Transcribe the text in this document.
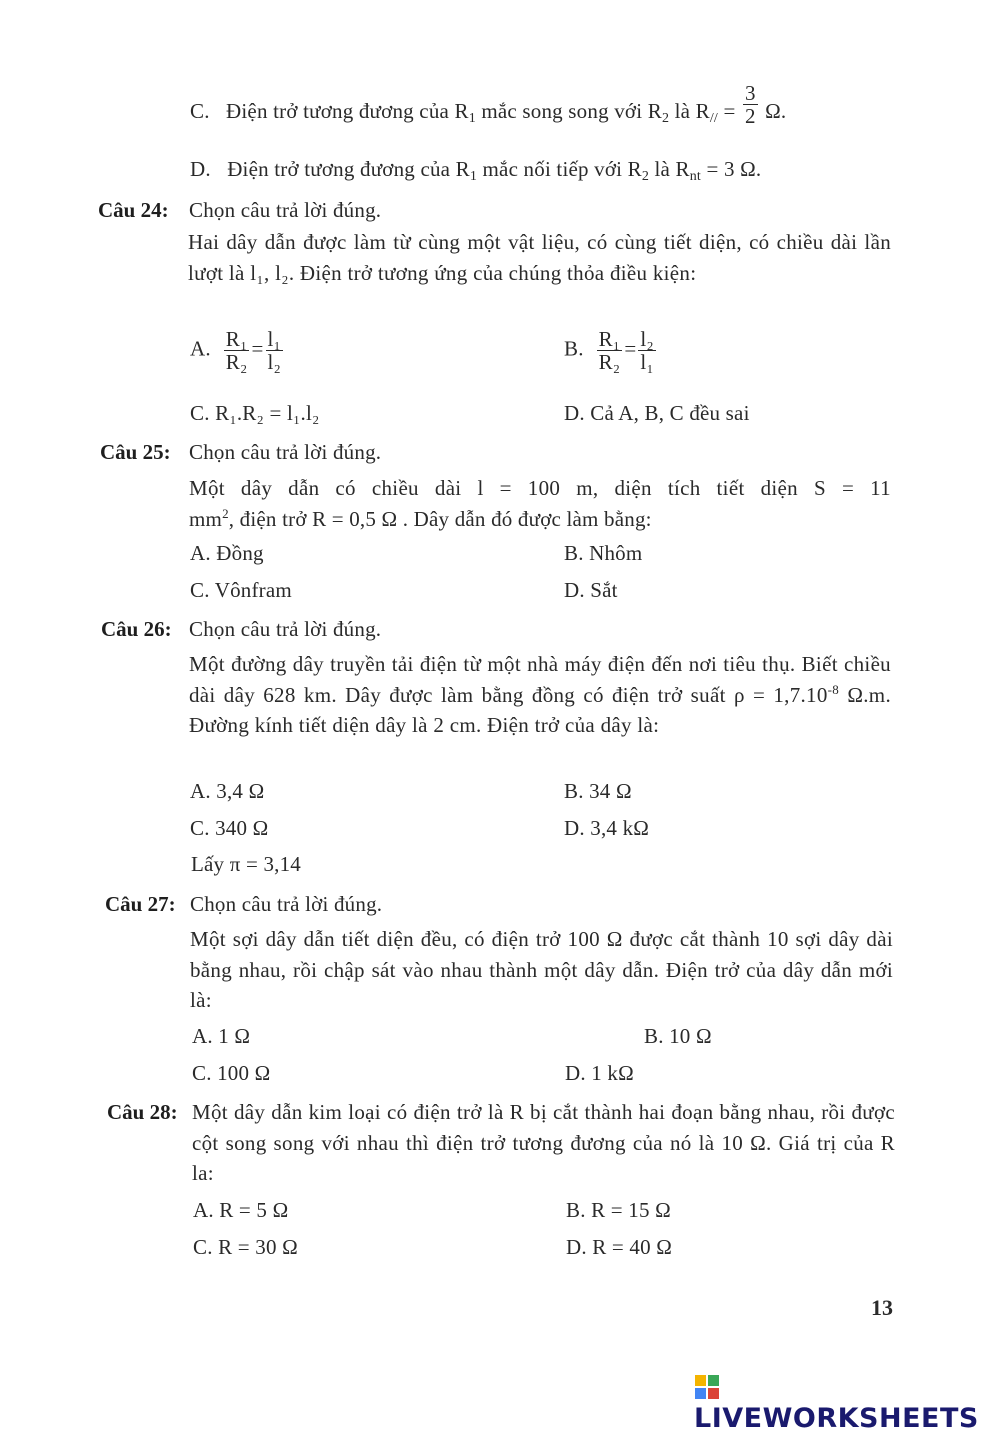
C. Điện trở tương đương của $R_1$ mắc song song với $R_2$ là $R_{//} = \frac{3}{2} \Omega$.
D. Điện trở tương đương của $R_1$ mắc nối tiếp với $R_2$ là $R_{nt} = 3$ Ω.
Câu 24: Chọn câu trả lời đúng.
Hai dây dẫn được làm từ cùng một vật liệu, có cùng tiết diện, có chiều dài lần lượt là l₁, l₂. Điện trở tương ứng của chúng thỏa điều kiện:
A. $\frac{\text{R₁}}{\text{R₂}} = \frac{\text{l₁}}{\text{l₂}}$	B. $\frac{\text{R₁}}{\text{R₂}} = \frac{\text{l₂}}{\text{l₁}}$
C. R₁.R₂ = l₁.l₂	D. Cả A, B, C đều sai
Câu 25: Chọn câu trả lời đúng.
Một dây dẫn có chiều dài l = 100 m, diện tích tiết diện S = 11
$mm^2$, điện trở R = 0,5 Ω . Dây dẫn đó được làm bằng:
A. Đồng	B. Nhôm
C. Vônfram	D. Sắt
Câu 26: Chọn câu trả lời đúng.
Một đường dây truyền tải điện từ một nhà máy điện đến nơi tiêu thụ. Biết chiều dài dây 628 km. Dây được làm bằng đồng có điện trở suất $\rho = 1,7.10^{-8}$ Ω.m. Đường kính tiết diện dây là 2 cm. Điện trở của dây là:
A. 3,4 Ω	B. 34 Ω
C. 340 Ω	D. 3,4 kΩ
Lấy π = 3,14
Câu 27: Chọn câu trả lời đúng.
Một sợi dây dẫn tiết diện đều, có điện trở 100 Ω được cắt thành 10 sợi dây dài bằng nhau, rồi chập sát vào nhau thành một dây dẫn. Điện trở của dây dẫn mới là:
A. 1 Ω	B. 10 Ω
C. 100 Ω	D. 1 kΩ
Câu 28: Một dây dẫn kim loại có điện trở là R bị cắt thành hai đoạn bằng nhau, rồi được cột song song với nhau thì điện trở tương đương của nó là 10 Ω. Giá trị của R la:
A. R = 5 Ω	B. R = 15 Ω
C. R = 30 Ω	D. R = 40 Ω
13
LIVEWORKSHEETS
